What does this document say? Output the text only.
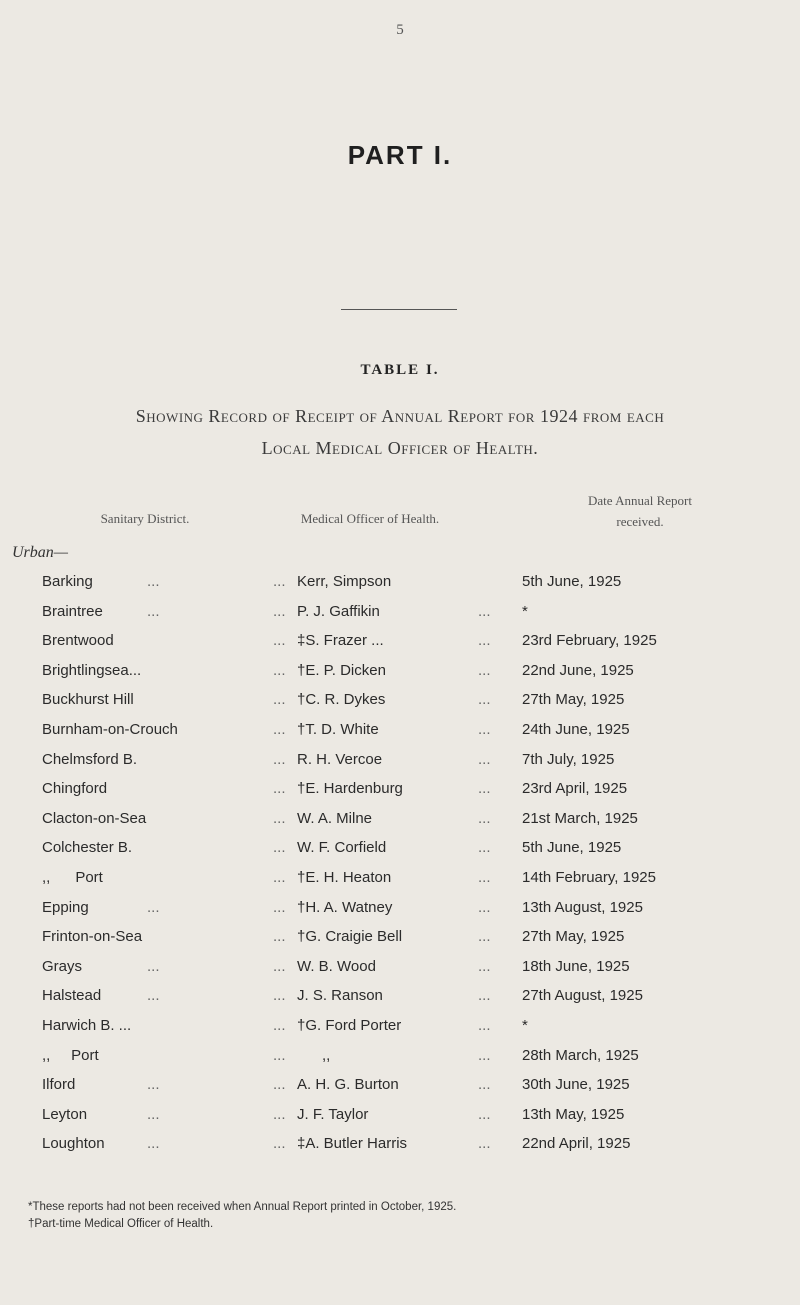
5
PART I.
TABLE I.
Showing Record of Receipt of Annual Report for 1924 from each
Local Medical Officer of Health.
Sanitary District.	Medical Officer of Health.
Date Annual Report
received.
Urban—
Barking	...	... Kerr, Simpson	5th June, 1925
Braintree	...	... P. J. Gaffikin	... *
Brentwood	... ‡S. Frazer ...	... 23rd February, 1925
Brightlingsea...	... †E. P. Dicken	... 22nd June, 1925
Buckhurst Hill	... †C. R. Dykes	... 27th May, 1925
Burnham-on-Crouch	... †T. D. White	... 24th June, 1925
Chelmsford B.	... R. H. Vercoe	... 7th July, 1925
Chingford	... †E. Hardenburg	... 23rd April, 1925
Clacton-on-Sea	... W. A. Milne	... 21st March, 1925
Colchester B.	... W. F. Corfield	... 5th June, 1925
,,      Port	... †E. H. Heaton	... 14th February, 1925
Epping	...	... †H. A. Watney	... 13th August, 1925
Frinton-on-Sea	... †G. Craigie Bell	... 27th May, 1925
Grays	...	... W. B. Wood	... 18th June, 1925
Halstead	...	... J. S. Ranson	... 27th August, 1925
Harwich B. ...	... †G. Ford Porter	... *
,,     Port	... ,,	... 28th March, 1925
Ilford	...	... A. H. G. Burton	... 30th June, 1925
Leyton	...	... J. F. Taylor	... 13th May, 1925
Loughton	...	... ‡A. Butler Harris	... 22nd April, 1925
*These reports had not been received when Annual Report printed in October, 1925.
†Part-time Medical Officer of Health.
